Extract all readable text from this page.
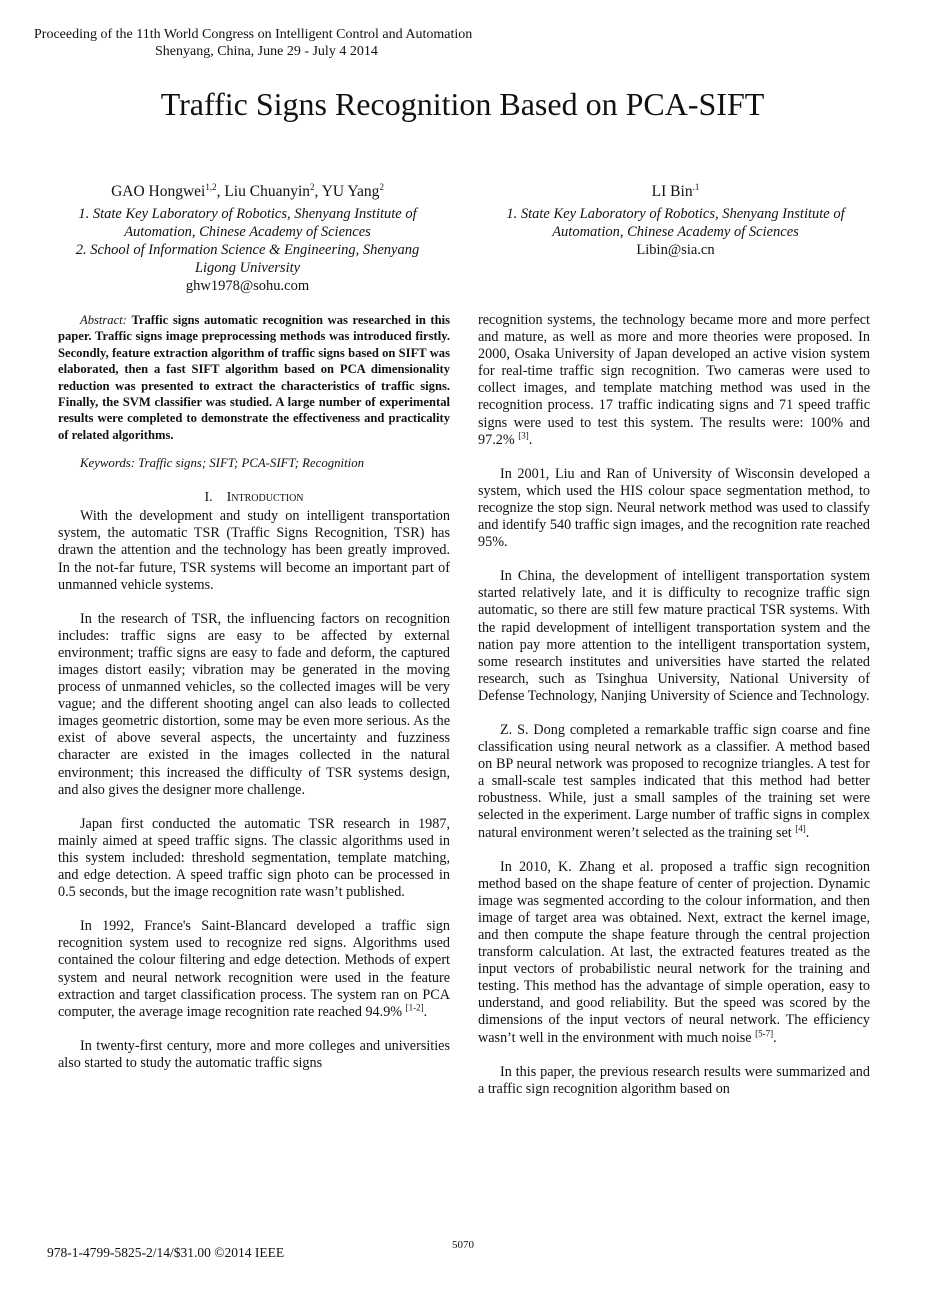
Proceeding of the 11th World Congress on Intelligent Control and Automation
Shenyang, China, June 29 - July 4 2014
Traffic Signs Recognition Based on PCA-SIFT
GAO Hongwei$^{1,2}$, Liu Chuanyin$^2$, YU Yang$^2$
1. State Key Laboratory of Robotics, Shenyang Institute of
Automation, Chinese Academy of Sciences
2. School of Information Science & Engineering, Shenyang
Ligong University
ghw1978@sohu.com
LI Bin$^{.1}$
1. State Key Laboratory of Robotics, Shenyang Institute of
Automation, Chinese Academy of Sciences
Libin@sia.cn

Abstract: Traffic signs automatic recognition was researched in this paper. Traffic signs image preprocessing methods was introduced firstly. Secondly, feature extraction algorithm of traffic signs based on SIFT was elaborated, then a fast SIFT algorithm based on PCA dimensionality reduction was presented to extract the characteristics of traffic signs. Finally, the SVM classifier was studied. A large number of experimental results were completed to demonstrate the effectiveness and practicality of related algorithms.

Keywords: Traffic signs; SIFT; PCA-SIFT; Recognition

I. Introduction

With the development and study on intelligent transportation system, the automatic TSR (Traffic Signs Recognition, TSR) has drawn the attention and the technology has been greatly improved. In the not-far future, TSR systems will become an important part of unmanned vehicle systems.

In the research of TSR, the influencing factors on recognition includes: traffic signs are easy to be affected by external environment; traffic signs are easy to fade and deform, the captured images distort easily; vibration may be generated in the moving process of unmanned vehicles, so the collected images will be very vague; and the different shooting angel can also leads to collected images geometric distortion, some may be even more serious. As the exist of above several aspects, the uncertainty and fuzziness character are existed in the images collected in the natural environment; this increased the difficulty of TSR systems design, and also gives the designer more challenge.

Japan first conducted the automatic TSR research in 1987, mainly aimed at speed traffic signs. The classic algorithms used in this system included: threshold segmentation, template matching, and edge detection. A speed traffic sign photo can be processed in 0.5 seconds, but the image recognition rate wasn’t published.

In 1992, France's Saint-Blancard developed a traffic sign recognition system used to recognize red signs. Algorithms used contained the colour filtering and edge detection. Methods of expert system and neural network recognition were used in the feature extraction and target classification process. The system ran on PCA computer, the average image recognition rate reached 94.9% [1-2].

In twenty-first century, more and more colleges and universities also started to study the automatic traffic signs

recognition systems, the technology became more and more perfect and mature, as well as more and more theories were proposed. In 2000, Osaka University of Japan developed an active vision system for real-time traffic sign recognition. Two cameras were used to collect images, and template matching method was used in the recognition process. 17 traffic indicating signs and 71 speed traffic signs were used to test this system. The results were: 100% and 97.2% [3].

In 2001, Liu and Ran of University of Wisconsin developed a system, which used the HIS colour space segmentation method, to recognize the stop sign. Neural network method was used to classify and identify 540 traffic sign images, and the recognition rate reached 95%.

In China, the development of intelligent transportation system started relatively late, and it is difficulty to recognize traffic sign automatic, so there are still few mature practical TSR systems. With the rapid development of intelligent transportation system and the nation pay more attention to the intelligent transportation system, some research institutes and universities have started the related research, such as Tsinghua University, National University of Defense Technology, Nanjing University of Science and Technology.

Z. S. Dong completed a remarkable traffic sign coarse and fine classification using neural network as a classifier. A method based on BP neural network was proposed to recognize triangles. A test for a small-scale test samples indicated that this method had better robustness. While, just a small samples of the training set were selected in the experiment. Large number of traffic signs in complex natural environment weren’t selected as the training set [4].

In 2010, K. Zhang et al. proposed a traffic sign recognition method based on the shape feature of center of projection. Dynamic image was segmented according to the colour information, and then image of target area was obtained. Next, extract the kernel image, and then compute the shape feature through the central projection transform calculation. At last, the extracted features treated as the input vectors of probabilistic neural network for the training and testing. This method has the advantage of simple operation, easy to understand, and good reliability. But the speed was scored by the dimensions of the input vectors of neural network. The efficiency wasn’t well in the environment with much noise [5-7].

In this paper, the previous research results were summarized and a traffic sign recognition algorithm based on

978-1-4799-5825-2/14/$31.00 ©2014 IEEE	5070
